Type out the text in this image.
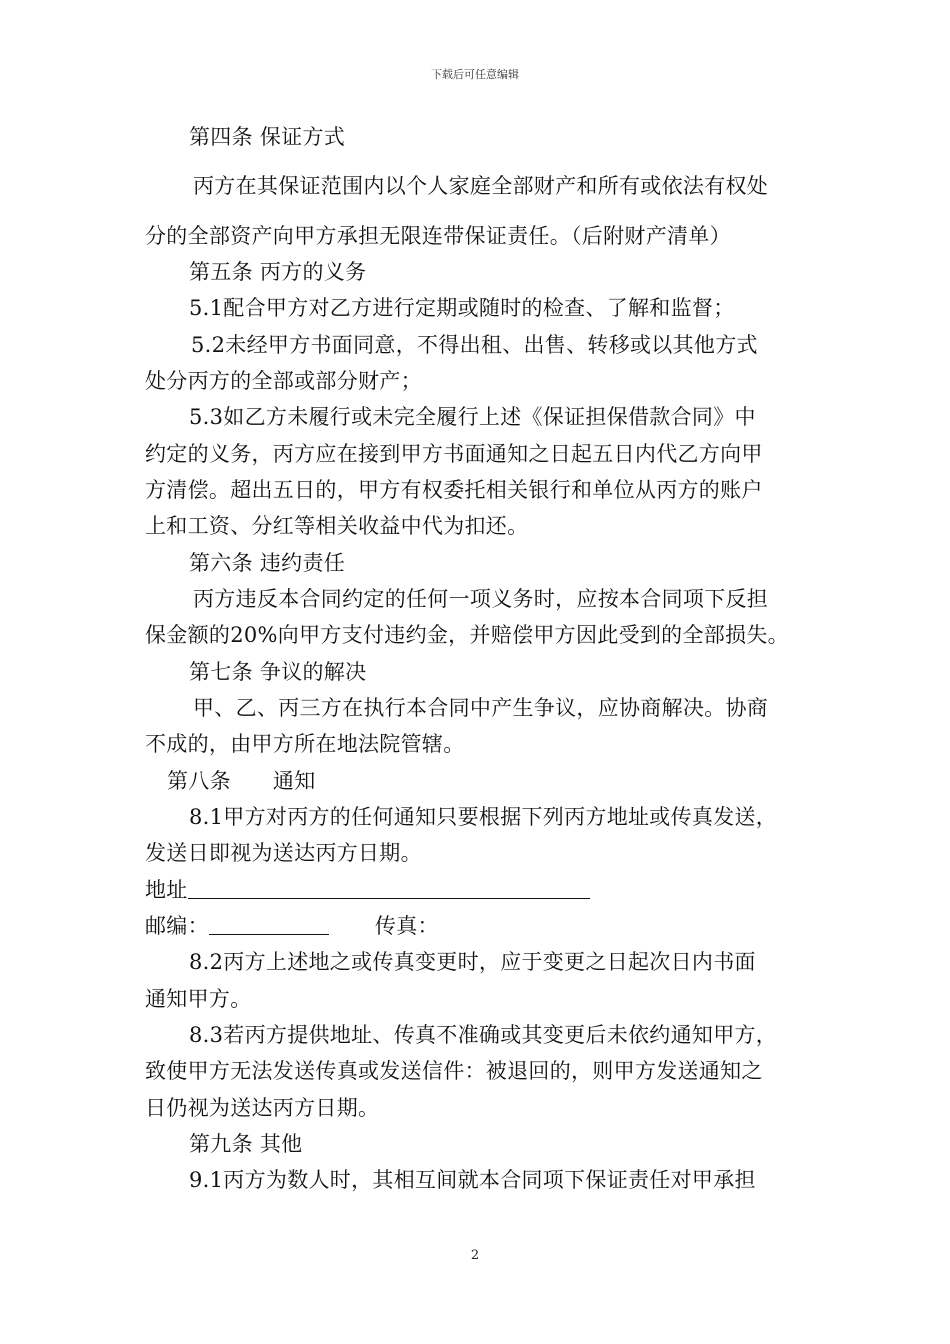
下载后可任意编辑
第四条 保证方式
丙方在其保证范围内以个人家庭全部财产和所有或依法有权处
分的全部资产向甲方承担无限连带保证责任。（后附财产清单）
第五条 丙方的义务
5.1配合甲方对乙方进行定期或随时的检查、了解和监督；
5.2未经甲方书面同意，不得出租、出售、转移或以其他方式
处分丙方的全部或部分财产；
5.3如乙方未履行或未完全履行上述《保证担保借款合同》中
约定的义务，丙方应在接到甲方书面通知之日起五日内代乙方向甲
方清偿。超出五日的，甲方有权委托相关银行和单位从丙方的账户
上和工资、分红等相关收益中代为扣还。
第六条 违约责任
丙方违反本合同约定的任何一项义务时，应按本合同项下反担
保金额的20%向甲方支付违约金，并赔偿甲方因此受到的全部损失。
第七条 争议的解决
甲、乙、丙三方在执行本合同中产生争议，应协商解决。协商
不成的，由甲方所在地法院管辖。
第八条 通知
8.1甲方对丙方的任何通知只要根据下列丙方地址或传真发送，
发送日即视为送达丙方日期。
地址
邮编：	传真：
8.2丙方上述地之或传真变更时，应于变更之日起次日内书面
通知甲方。
8.3若丙方提供地址、传真不准确或其变更后未依约通知甲方，
致使甲方无法发送传真或发送信件：被退回的，则甲方发送通知之
日仍视为送达丙方日期。
第九条 其他
9.1丙方为数人时，其相互间就本合同项下保证责任对甲承担
2
